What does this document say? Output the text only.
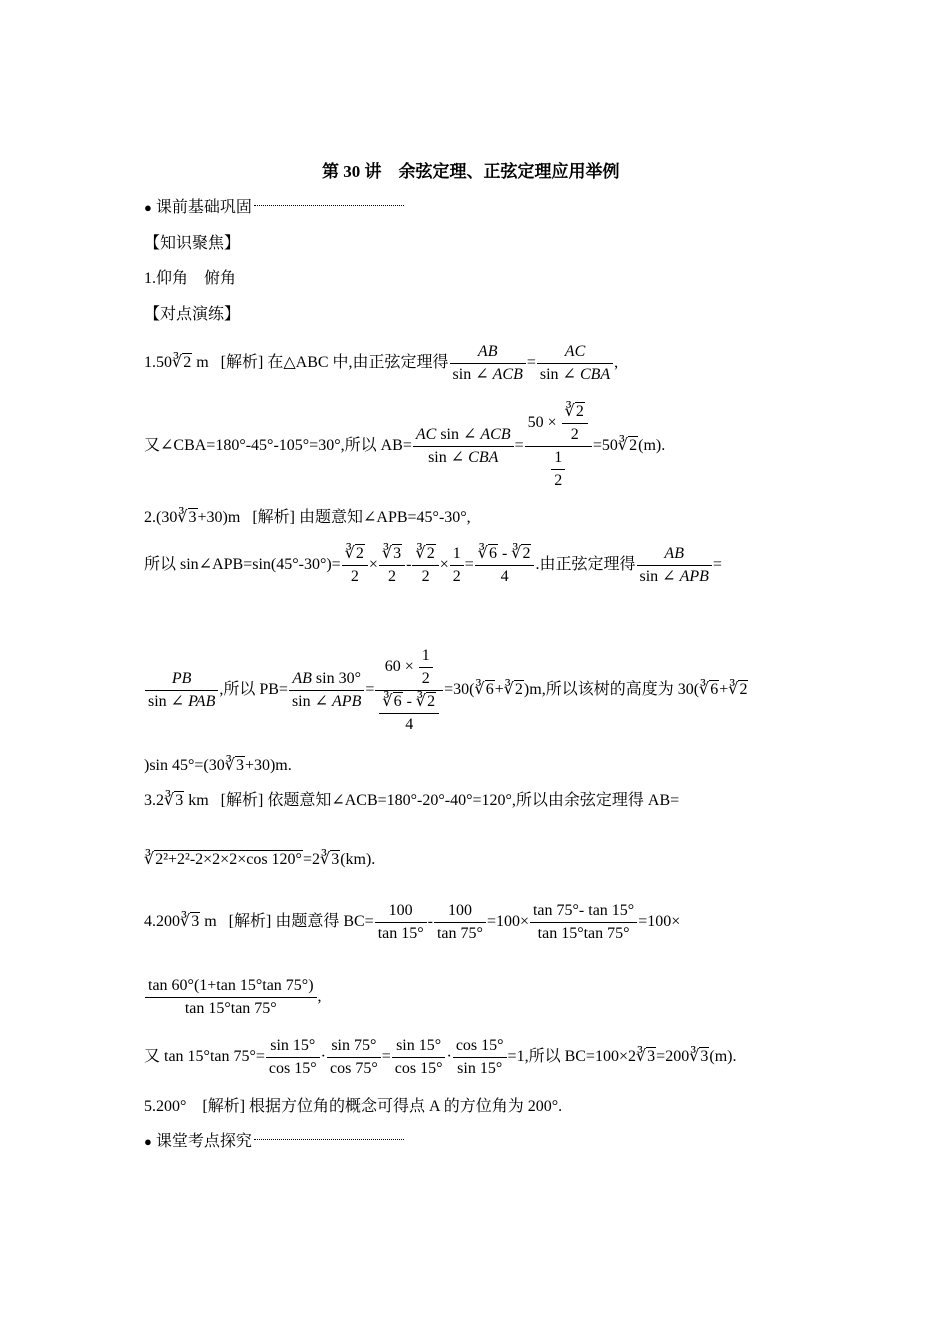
第 30 讲　余弦定理、正弦定理应用举例
● 课前基础巩固
【知识聚焦】
1.仰角　俯角
【对点演练】
1.50∛2 m [解析] 在△ABC 中,由正弦定理得 $\frac{AB}{\text{sin ∠ ACB}} = \frac{AC}{\text{sin ∠ CBA}}$ ,
又∠CBA=180°-45°-105°=30°,所以 $AB= \frac{\text{AC sin ∠ ACB}}{\text{sin ∠ CBA}} = \frac{50 \times \frac{∛2}{2}}{\frac{1}{2}}$ =50∛2(m).
2.(30∛3+30)m [解析] 由题意知∠APB=45°-30°,
所以 sin∠APB=sin(45°-30°)= $\frac{∛2}{2} \times \frac{∛3}{2} - \frac{∛2}{2} \times \frac{1}{2} = \frac{∛6 - ∛2}{4}$ .由正弦定理得 $\frac{AB}{\text{sin ∠ APB}}$ =
$\frac{PB}{\text{sin ∠ PAB}}$ ,所以 $PB= \frac{\text{AB sin 30°}}{\text{sin ∠ APB}} = \frac{60 \times \frac{1}{2}}{\frac{∛6 - ∛2}{4}}$ =30(∛6+∛2)m,所以该树的高度为 30(∛6+∛2
)sin 45°=(30∛3+30)m.
3.2∛3 km [解析] 依题意知∠ACB=180°-20°-40°=120°,所以由余弦定理得 AB=
∛2²+2²-2×2×2×cos 120°=2∛3(km).
4.200∛3 m [解析] 由题意得 $BC= \frac{100}{\tan 15^\circ} - \frac{100}{\tan 75^\circ} =100\times \frac{\tan 75^\circ- \tan 15^\circ}{\tan 15^\circ\tan 75^\circ} =100\times$
$\frac{\tan 60^\circ(1+\tan 15^\circ\tan 75^\circ)}{\tan 15^\circ\tan 75^\circ}$ ,
又 tan 15°tan $75^\circ= \frac{\sin 15^\circ}{\cos 15^\circ} \cdot \frac{\sin 75^\circ}{\cos 75^\circ} = \frac{\sin 15^\circ}{\cos 15^\circ} \cdot \frac{\cos 15^\circ}{\sin 15^\circ} =1$,所以 BC=100×2∛3=200∛3(m).
5.200°　[解析] 根据方位角的概念可得点 A 的方位角为 200°.
● 课堂考点探究
